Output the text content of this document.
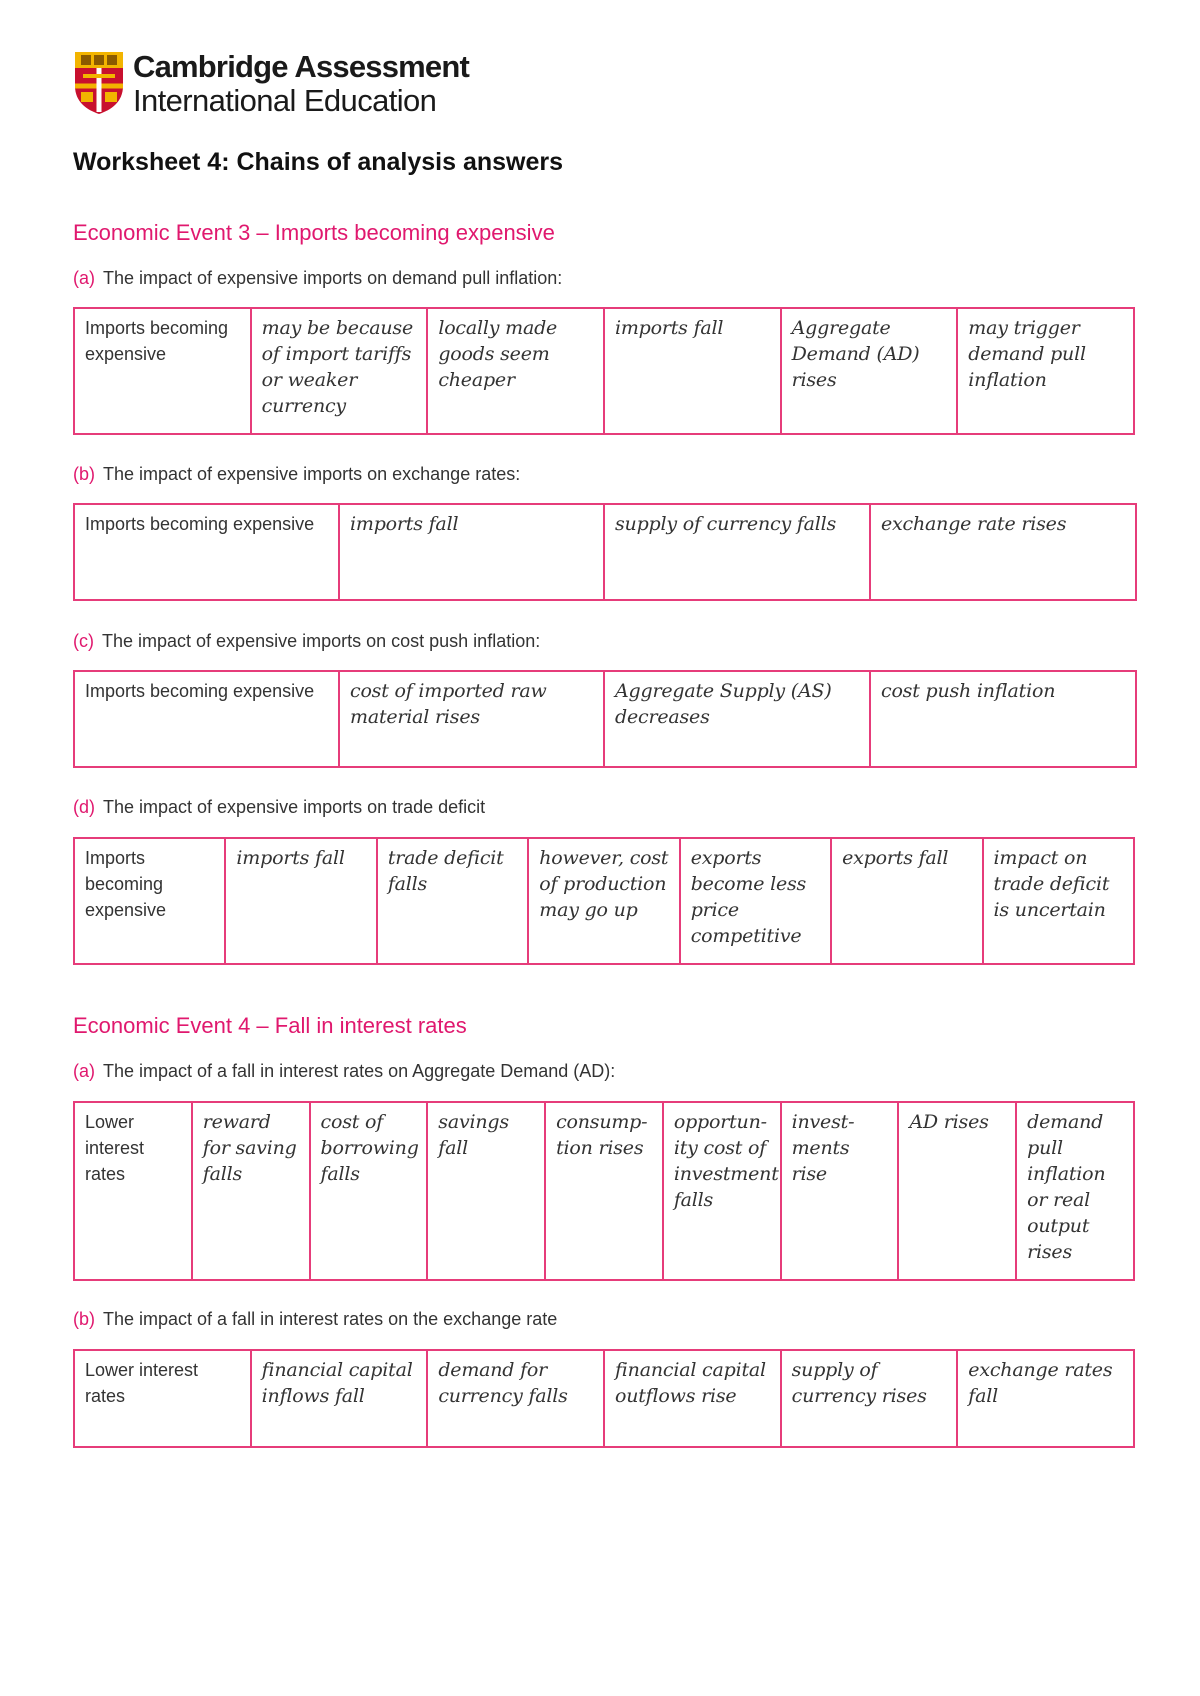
Cambridge Assessment
International Education
Worksheet 4: Chains of analysis answers
Economic Event 3 – Imports becoming expensive
(a) The impact of expensive imports on demand pull inflation:
Imports becoming expensive	may be because of import tariffs or weaker currency	locally made goods seem cheaper	imports fall	Aggregate Demand (AD) rises	may trigger demand pull inflation
(b) The impact of expensive imports on exchange rates:
Imports becoming expensive	imports fall	supply of currency falls	exchange rate rises
(c) The impact of expensive imports on cost push inflation:
Imports becoming expensive	cost of imported raw material rises	Aggregate Supply (AS) decreases	cost push inflation
(d) The impact of expensive imports on trade deficit
Imports becoming expensive	imports fall	trade deficit falls	however, cost of production may go up	exports become less price competitive	exports fall	impact on trade deficit is uncertain
Economic Event 4 – Fall in interest rates
(a) The impact of a fall in interest rates on Aggregate Demand (AD):
Lower interest rates	reward for saving falls	cost of borrowing falls	savings fall	consump-tion rises	opportun-ity cost of investment falls	invest-ments rise	AD rises	demand pull inflation or real output rises
(b) The impact of a fall in interest rates on the exchange rate
Lower interest rates	financial capital inflows fall	demand for currency falls	financial capital outflows rise	supply of currency rises	exchange rates fall
